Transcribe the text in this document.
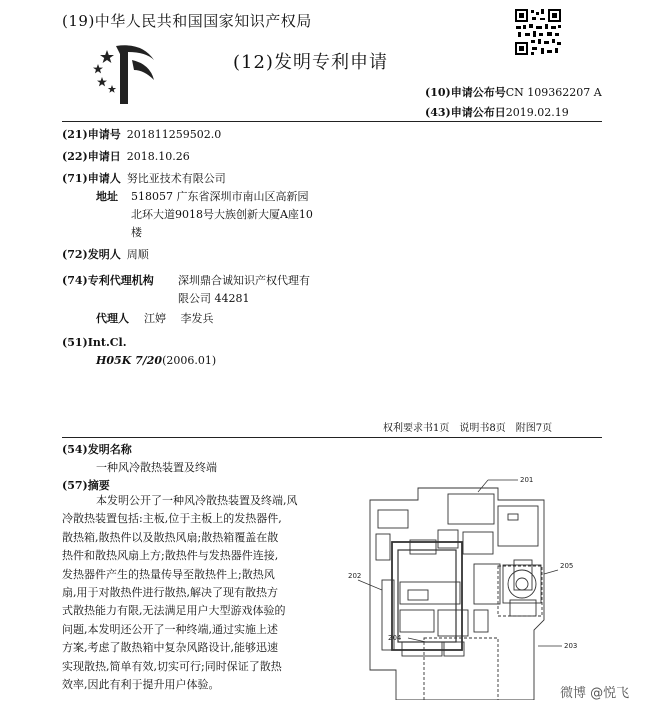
(19)中华人民共和国国家知识产权局
(12)发明专利申请
(10)申请公布号CN 109362207 A
(43)申请公布日2019.02.19
(21)申请号 201811259502.0
(22)申请日 2018.10.26
(71)申请人 努比亚技术有限公司
地址 518057 广东省深圳市南山区高新园
北环大道9018号大族创新大厦A座10
楼
(72)发明人 周顺
(74)专利代理机构 深圳鼎合诚知识产权代理有
限公司 44281
代理人 江婷　 李发兵
(51)Int.Cl.
H05K 7/20(2006.01)
权利要求书1页　说明书8页　附图7页
(54)发明名称
一种风冷散热装置及终端
(57)摘要
本发明公开了一种风冷散热装置及终端,风
冷散热装置包括:主板,位于主板上的发热器件,
散热箱,散热件以及散热风扇;散热箱覆盖在散
热件和散热风扇上方;散热件与发热器件连接,
发热器件产生的热量传导至散热件上;散热风
扇,用于对散热件进行散热,解决了现有散热方
式散热能力有限,无法满足用户大型游戏体验的
问题,本发明还公开了一种终端,通过实施上述
方案,考虑了散热箱中复杂风路设计,能够迅速
实现散热,简单有效,切实可行;同时保证了散热
效率,因此有利于提升用户体验。
201
202
203
204
205
微博 @悦飞
